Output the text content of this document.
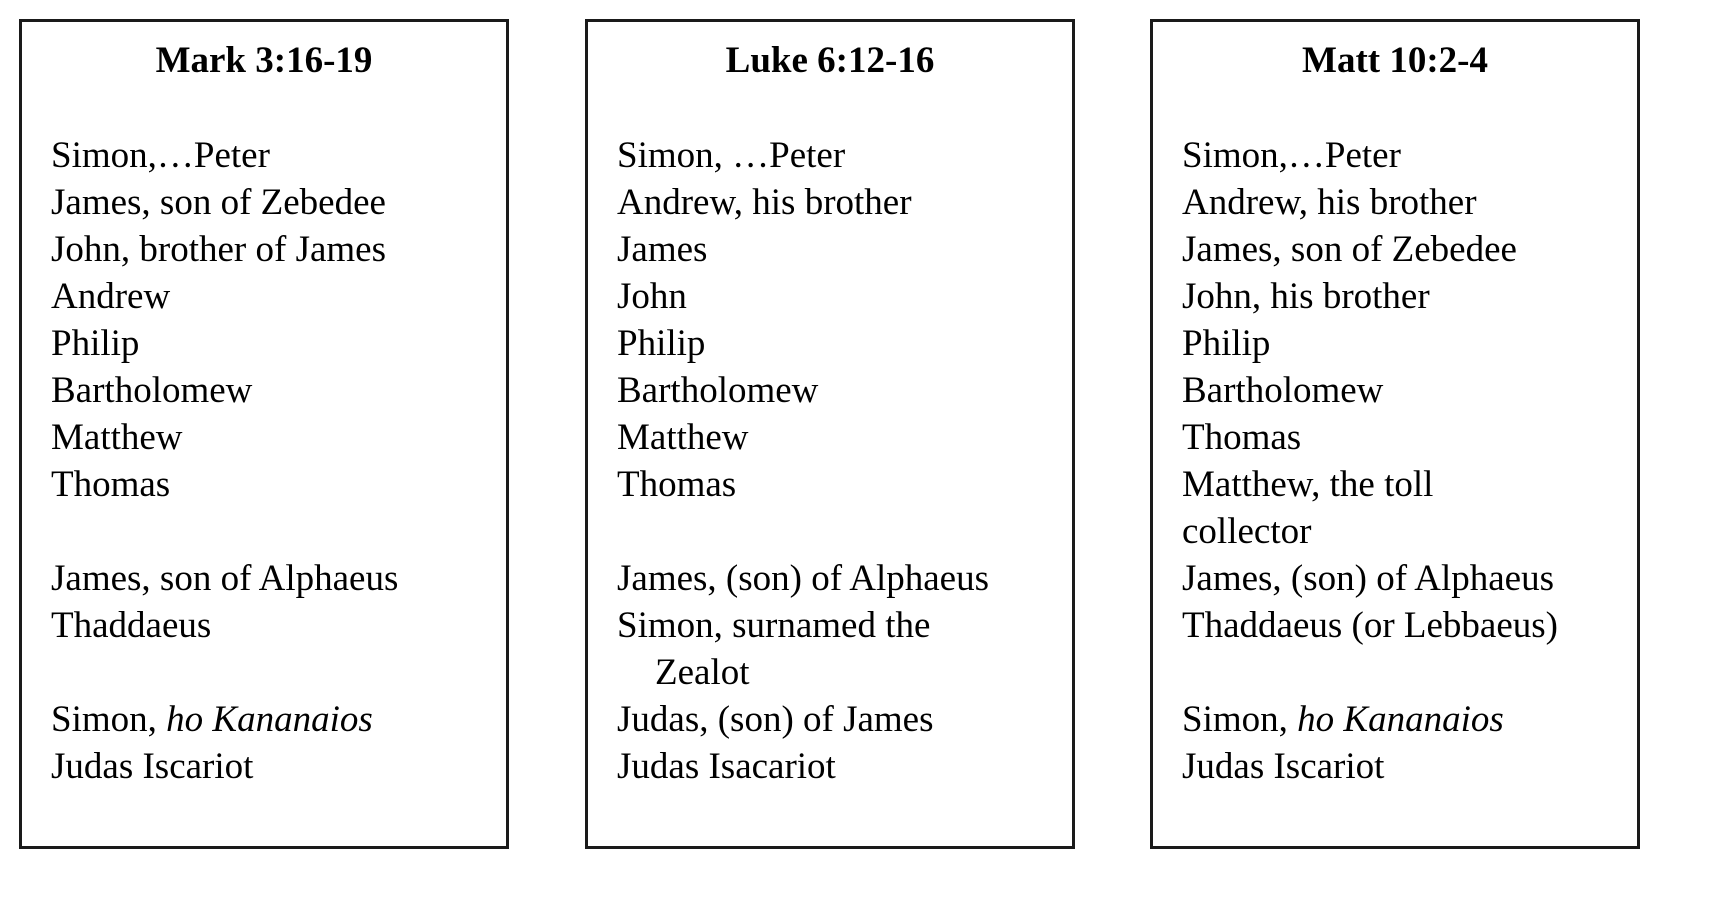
Mark 3:16-19
Simon,…Peter
James, son of Zebedee
John, brother of James
Andrew
Philip
Bartholomew
Matthew
Thomas
James, son of Alphaeus
Thaddaeus
Simon, ho Kananaios
Judas Iscariot
Luke 6:12-16
Simon, …Peter
Andrew, his brother
James
John
Philip
Bartholomew
Matthew
Thomas
James, (son) of Alphaeus
Simon, surnamed the
Zealot
Judas, (son) of James
Judas Isacariot
Matt 10:2-4
Simon,…Peter
Andrew, his brother
James, son of Zebedee
John, his brother
Philip
Bartholomew
Thomas
Matthew, the toll collector
James, (son) of Alphaeus
Thaddaeus (or Lebbaeus)
Simon, ho Kananaios
Judas Iscariot
